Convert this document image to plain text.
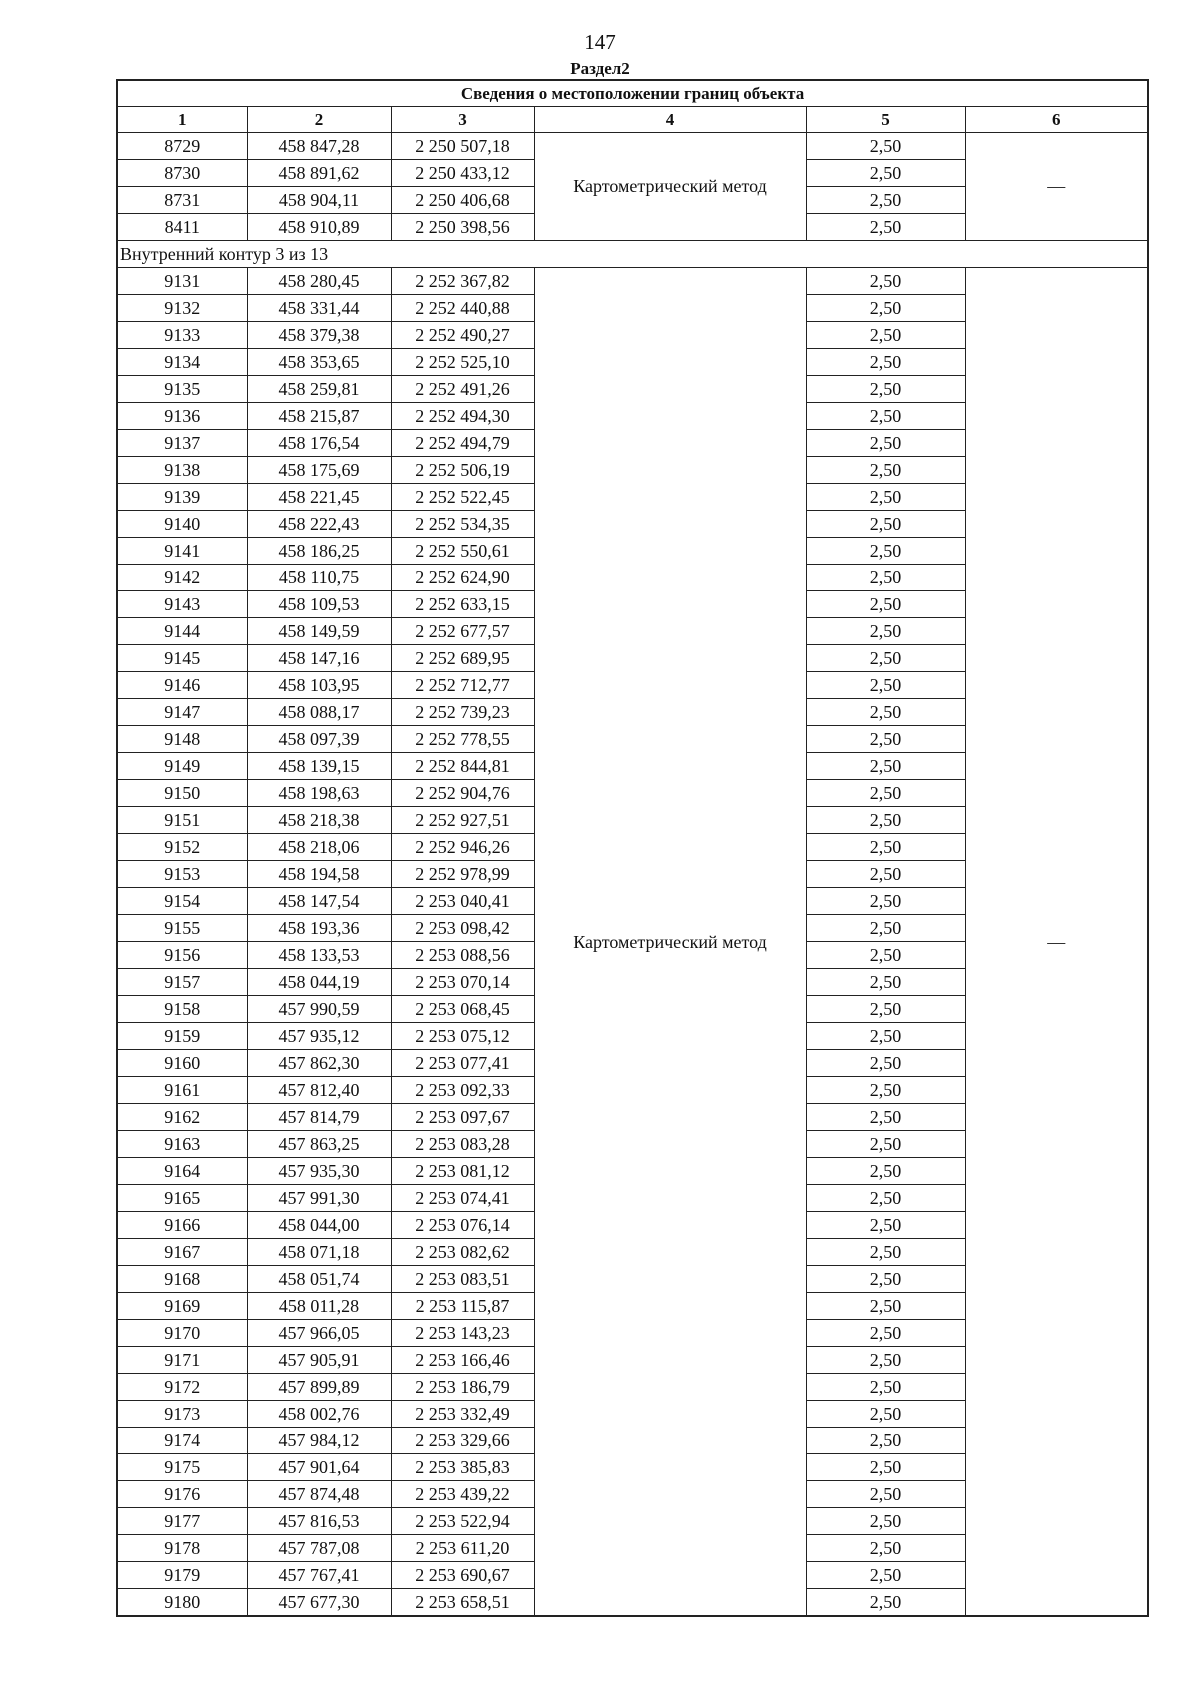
147
Раздел2
Сведения о местоположении границ объекта					
1	2	3	4	5	6
8729	458 847,28	2 250 507,18	Картометрический метод	2,50	—
8730	458 891,62	2 250 433,12		2,50	
8731	458 904,11	2 250 406,68		2,50	
8411	458 910,89	2 250 398,56		2,50	
Внутренний контур 3 из 13					
9131	458 280,45	2 252 367,82	Картометрический метод	2,50	—
9132	458 331,44	2 252 440,88		2,50	
9133	458 379,38	2 252 490,27		2,50	
9134	458 353,65	2 252 525,10		2,50	
9135	458 259,81	2 252 491,26		2,50	
9136	458 215,87	2 252 494,30		2,50	
9137	458 176,54	2 252 494,79		2,50	
9138	458 175,69	2 252 506,19		2,50	
9139	458 221,45	2 252 522,45		2,50	
9140	458 222,43	2 252 534,35		2,50	
9141	458 186,25	2 252 550,61		2,50	
9142	458 110,75	2 252 624,90		2,50	
9143	458 109,53	2 252 633,15		2,50	
9144	458 149,59	2 252 677,57		2,50	
9145	458 147,16	2 252 689,95		2,50	
9146	458 103,95	2 252 712,77		2,50	
9147	458 088,17	2 252 739,23		2,50	
9148	458 097,39	2 252 778,55		2,50	
9149	458 139,15	2 252 844,81		2,50	
9150	458 198,63	2 252 904,76		2,50	
9151	458 218,38	2 252 927,51		2,50	
9152	458 218,06	2 252 946,26		2,50	
9153	458 194,58	2 252 978,99		2,50	
9154	458 147,54	2 253 040,41		2,50	
9155	458 193,36	2 253 098,42		2,50	
9156	458 133,53	2 253 088,56		2,50	
9157	458 044,19	2 253 070,14		2,50	
9158	457 990,59	2 253 068,45		2,50	
9159	457 935,12	2 253 075,12		2,50	
9160	457 862,30	2 253 077,41		2,50	
9161	457 812,40	2 253 092,33		2,50	
9162	457 814,79	2 253 097,67		2,50	
9163	457 863,25	2 253 083,28		2,50	
9164	457 935,30	2 253 081,12		2,50	
9165	457 991,30	2 253 074,41		2,50	
9166	458 044,00	2 253 076,14		2,50	
9167	458 071,18	2 253 082,62		2,50	
9168	458 051,74	2 253 083,51		2,50	
9169	458 011,28	2 253 115,87		2,50	
9170	457 966,05	2 253 143,23		2,50	
9171	457 905,91	2 253 166,46		2,50	
9172	457 899,89	2 253 186,79		2,50	
9173	458 002,76	2 253 332,49		2,50	
9174	457 984,12	2 253 329,66		2,50	
9175	457 901,64	2 253 385,83		2,50	
9176	457 874,48	2 253 439,22		2,50	
9177	457 816,53	2 253 522,94		2,50	
9178	457 787,08	2 253 611,20		2,50	
9179	457 767,41	2 253 690,67		2,50	
9180	457 677,30	2 253 658,51		2,50	
